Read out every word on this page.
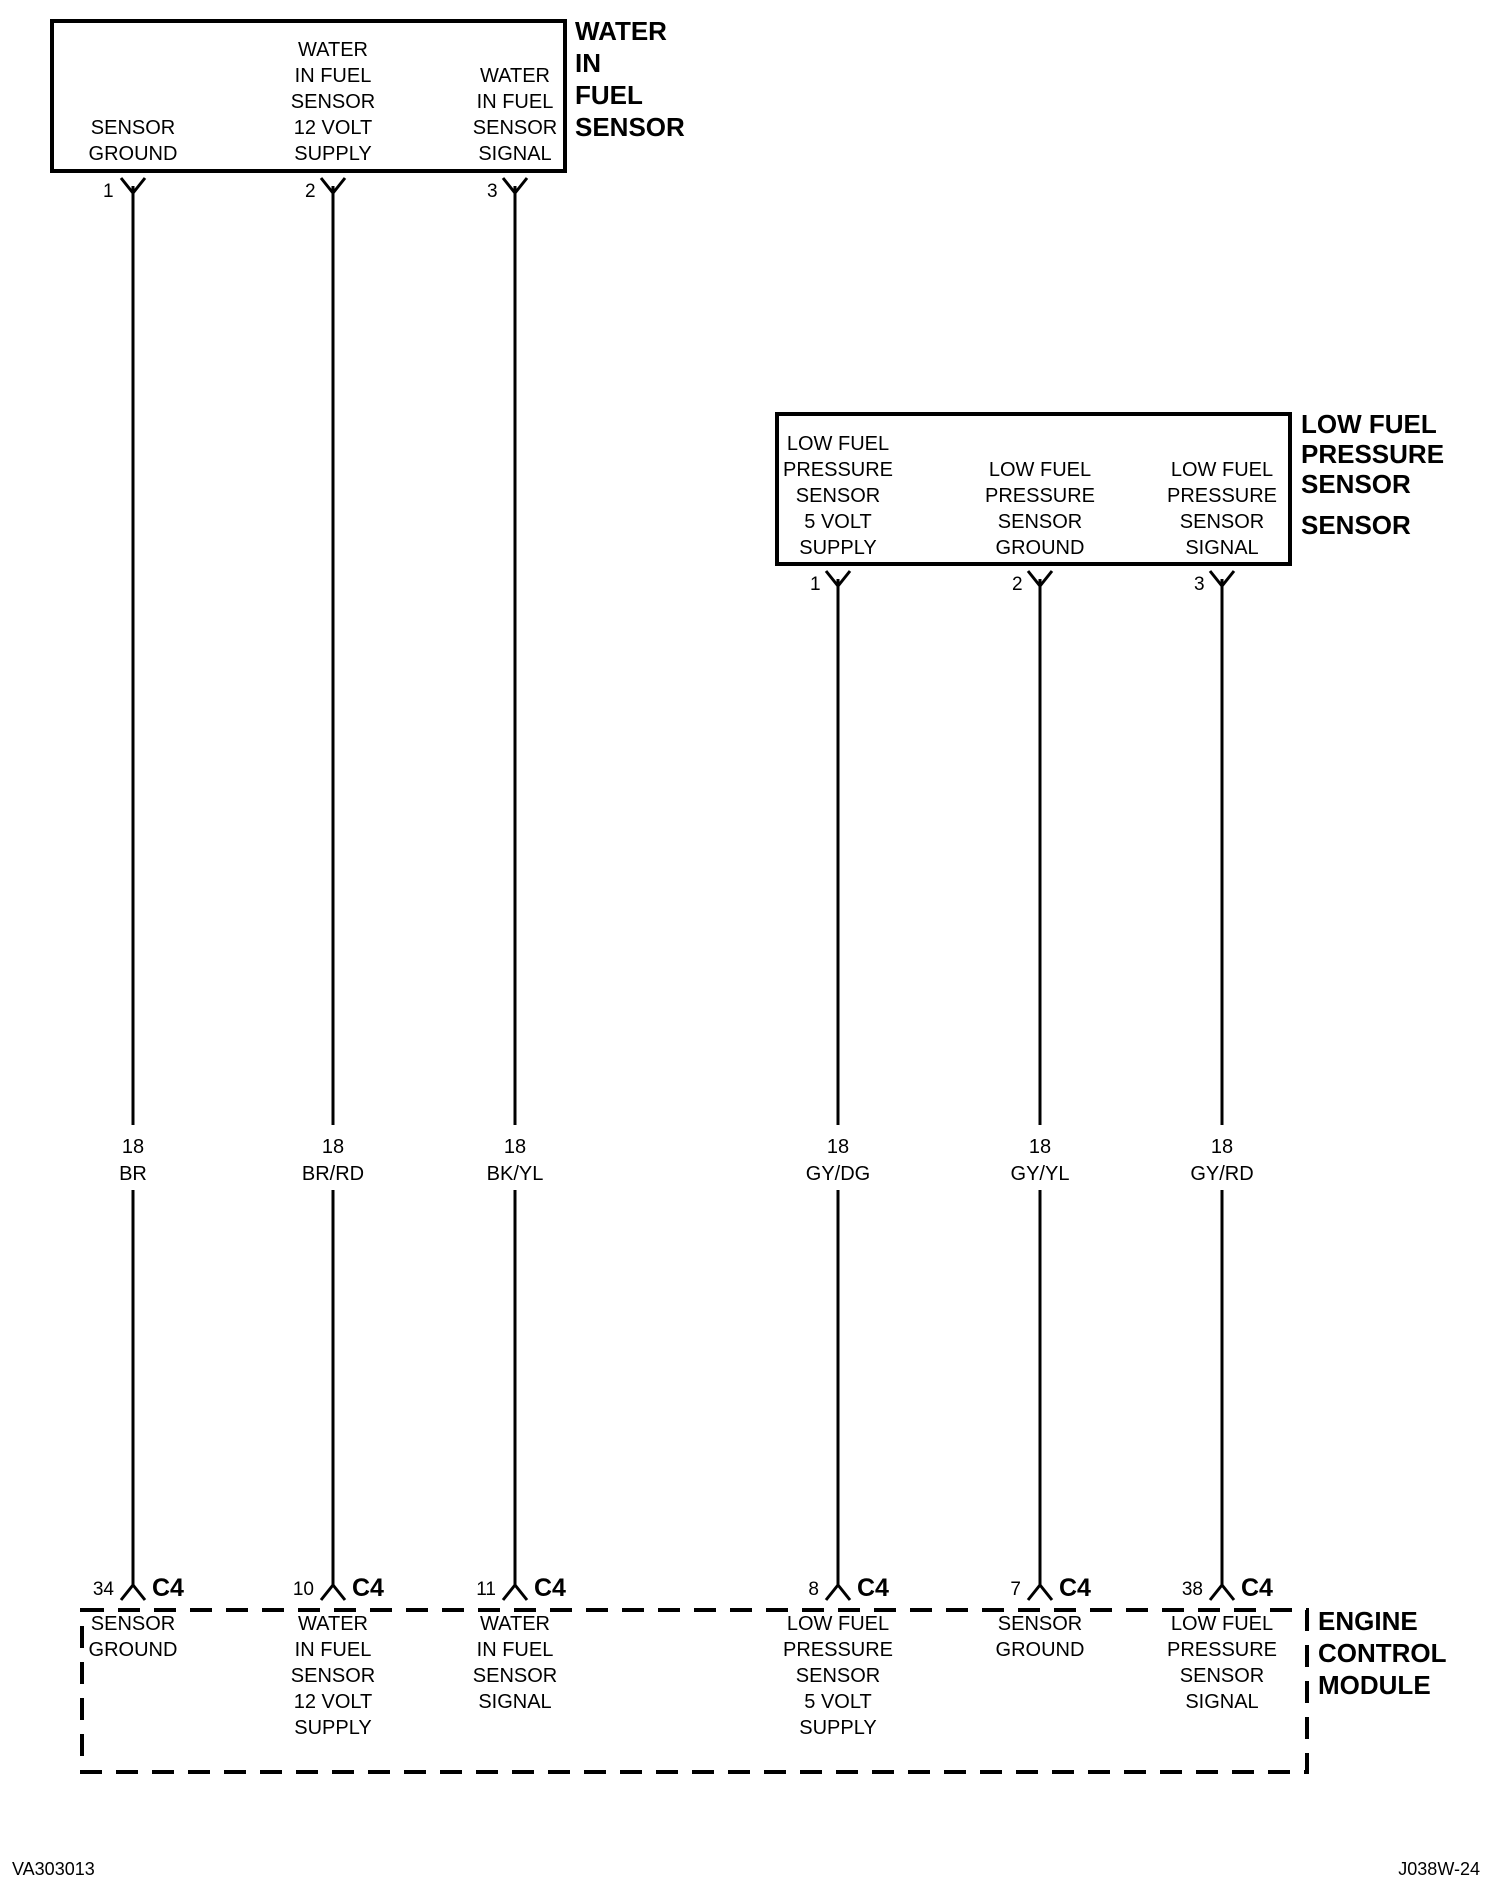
WATER
IN
FUEL
SENSOR
SENSOR
GROUND
WATER
IN FUEL
SENSOR
12 VOLT
SUPPLY
WATER
IN FUEL
SENSOR
SIGNAL
1	2	3
LOW FUEL
PRESSURE
SENSOR
SENSOR
LOW FUEL
PRESSURE
SENSOR
5 VOLT
SUPPLY
LOW FUEL
PRESSURE
SENSOR
GROUND
LOW FUEL
PRESSURE
SENSOR
SIGNAL
1	2	3
18
BR
18
BR/RD
18
BK/YL
18
GY/DG
18
GY/YL
18
GY/RD
ENGINE
CONTROL
MODULE
34	10	11	8	7	38
C4	C4	C4	C4	C4	C4
SENSOR
GROUND
WATER
IN FUEL
SENSOR
12 VOLT
SUPPLY
WATER
IN FUEL
SENSOR
SIGNAL
LOW FUEL
PRESSURE
SENSOR
5 VOLT
SUPPLY
SENSOR
GROUND
LOW FUEL
PRESSURE
SENSOR
SIGNAL
VA303013	J038W-24
